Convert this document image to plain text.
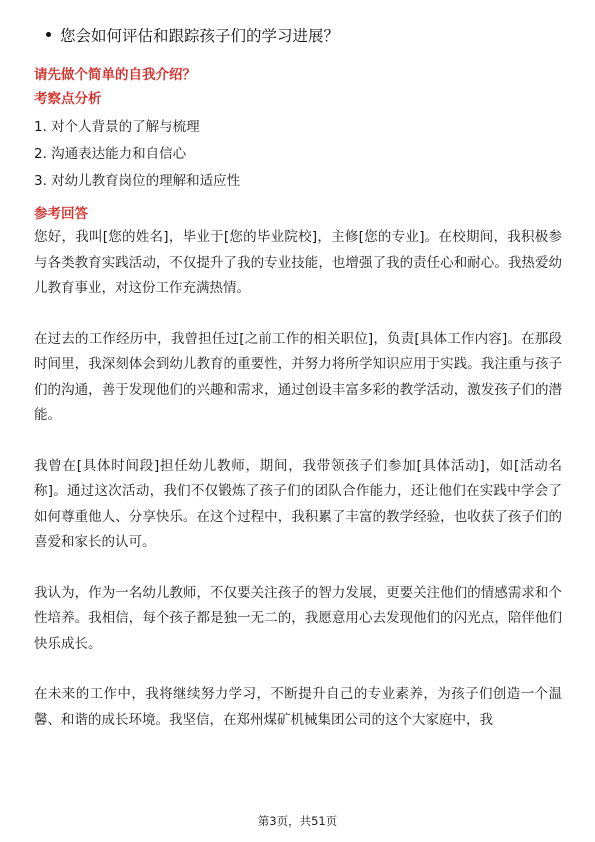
您会如何评估和跟踪孩子们的学习进展？

请先做个简单的自我介绍？

考察点分析

1. 对个人背景的了解与梳理
2. 沟通表达能力和自信心
3. 对幼儿教育岗位的理解和适应性

参考回答

您好，我叫[您的姓名]，毕业于[您的毕业院校]，主修[您的专业]。在校期间，我积极参与各类教育实践活动，不仅提升了我的专业技能，也增强了我的责任心和耐心。我热爱幼儿教育事业，对这份工作充满热情。

在过去的工作经历中，我曾担任过[之前工作的相关职位]，负责[具体工作内容]。在那段时间里，我深刻体会到幼儿教育的重要性，并努力将所学知识应用于实践。我注重与孩子们的沟通，善于发现他们的兴趣和需求，通过创设丰富多彩的教学活动，激发孩子们的潜能。

我曾在[具体时间段]担任幼儿教师，期间，我带领孩子们参加[具体活动]，如[活动名称]。通过这次活动，我们不仅锻炼了孩子们的团队合作能力，还让他们在实践中学会了如何尊重他人、分享快乐。在这个过程中，我积累了丰富的教学经验，也收获了孩子们的喜爱和家长的认可。

我认为，作为一名幼儿教师，不仅要关注孩子的智力发展，更要关注他们的情感需求和个性培养。我相信，每个孩子都是独一无二的，我愿意用心去发现他们的闪光点，陪伴他们快乐成长。

在未来的工作中，我将继续努力学习，不断提升自己的专业素养，为孩子们创造一个温馨、和谐的成长环境。我坚信，在郑州煤矿机械集团公司的这个大家庭中，我

第3页，共51页
